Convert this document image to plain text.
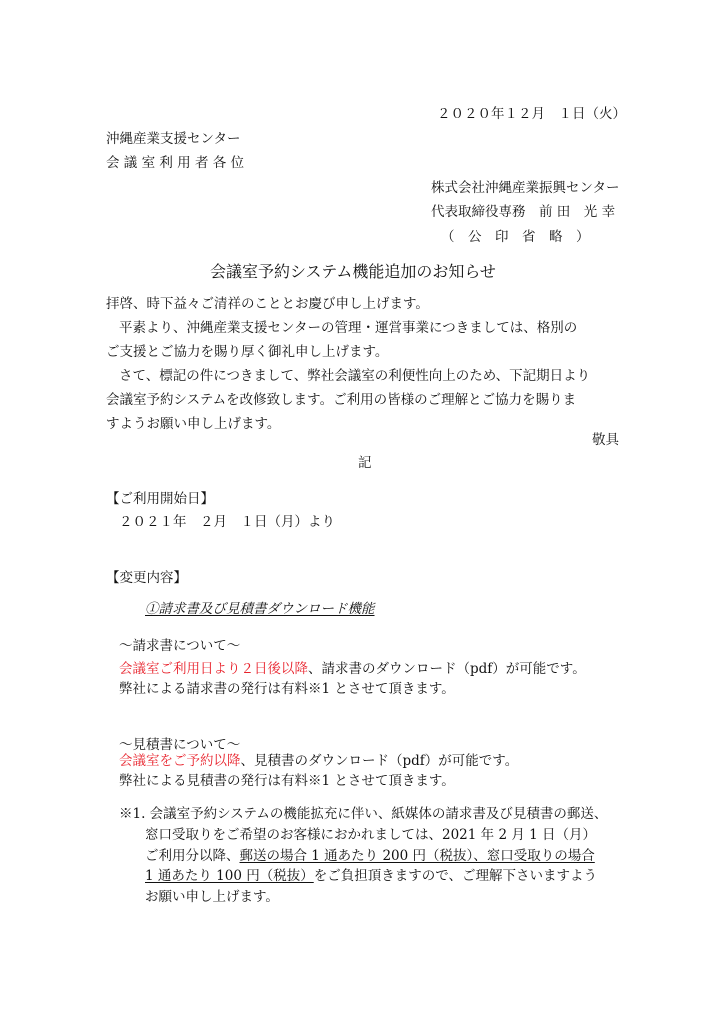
２０２０年１２月　１日（火）
沖縄産業支援センター
会 議 室 利 用 者 各 位
株式会社沖縄産業振興センター
代表取締役専務　前 田　光 幸
（　公　印　省　略　）
会議室予約システム機能追加のお知らせ
拝啓、時下益々ご清祥のこととお慶び申し上げます。
平素より、沖縄産業支援センターの管理・運営事業につきましては、格別の
ご支援とご協力を賜り厚く御礼申し上げます。
さて、標記の件につきまして、弊社会議室の利便性向上のため、下記期日より
会議室予約システムを改修致します。ご利用の皆様のご理解とご協力を賜りま
すようお願い申し上げます。
敬具
記
【ご利用開始日】
２０２１年　２月　１日（月）より
【変更内容】
①請求書及び見積書ダウンロード機能
～請求書について～
会議室ご利用日より２日後以降、請求書のダウンロード（pdf）が可能です。
弊社による請求書の発行は有料※1 とさせて頂きます。
～見積書について～
会議室をご予約以降、見積書のダウンロード（pdf）が可能です。
弊社による見積書の発行は有料※1 とさせて頂きます。
※1. 会議室予約システムの機能拡充に伴い、紙媒体の請求書及び見積書の郵送、
窓口受取りをご希望のお客様におかれましては、2021 年 2 月 1 日（月）
ご利用分以降、郵送の場合 1 通あたり 200 円（税抜）、窓口受取りの場合
1 通あたり 100 円（税抜）をご負担頂きますので、ご理解下さいますよう
お願い申し上げます。
